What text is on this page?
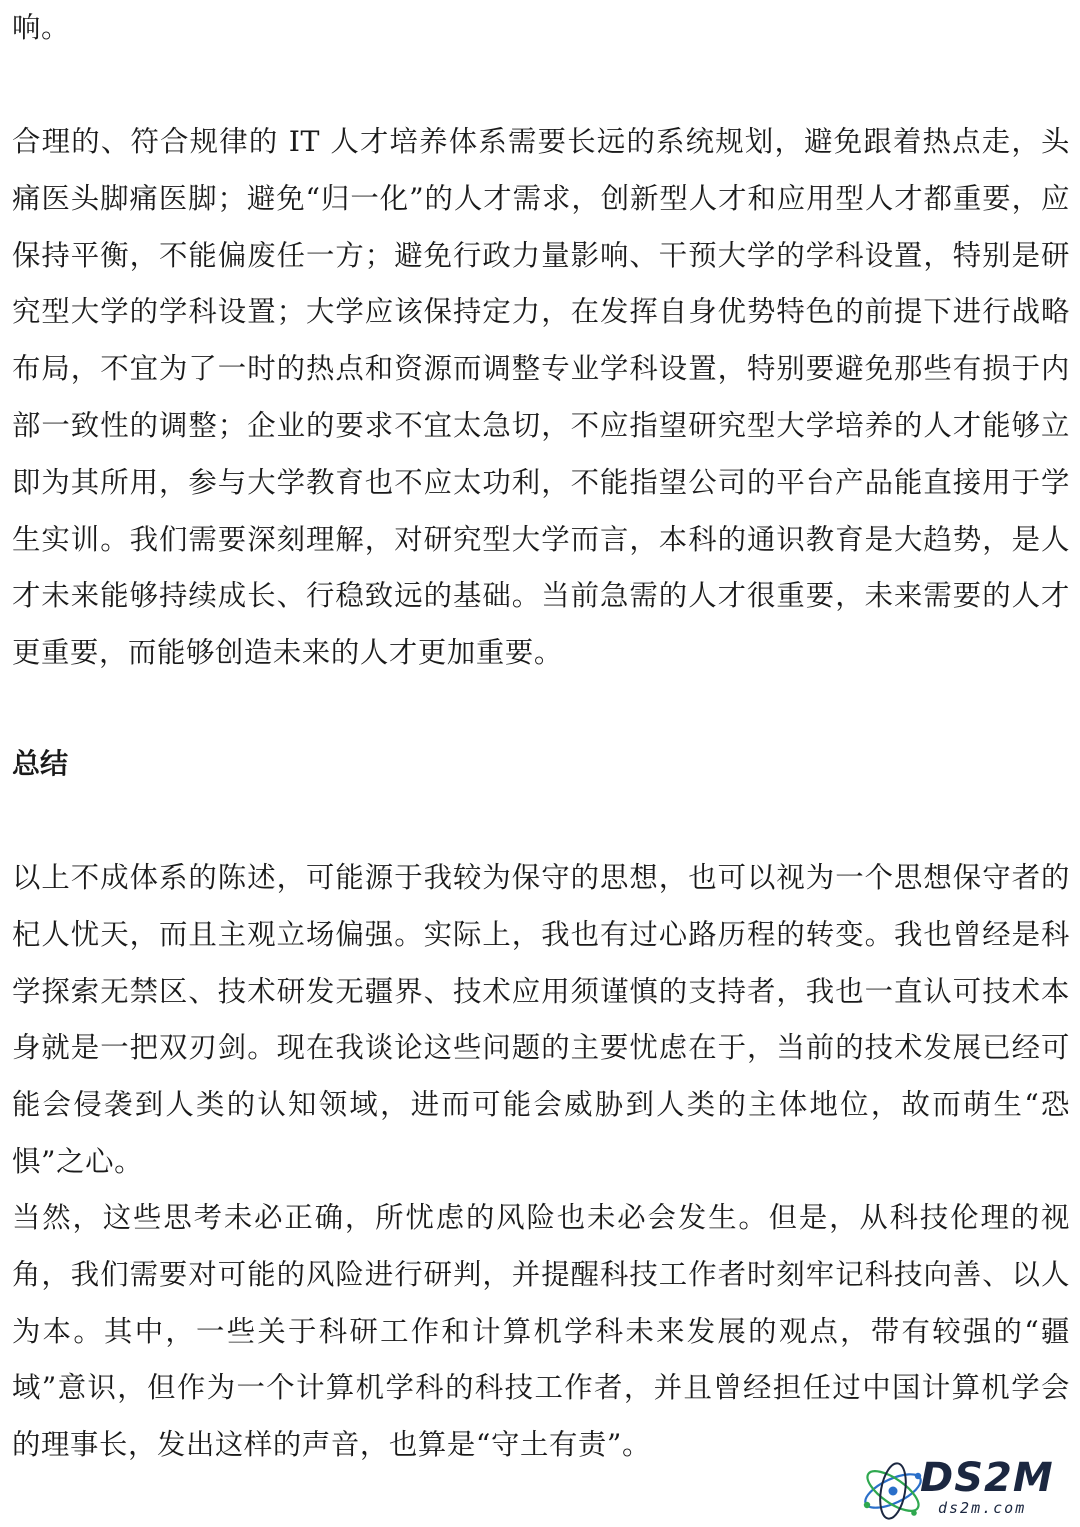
响。

合理的、符合规律的 IT 人才培养体系需要长远的系统规划，避免跟着热点走，头痛医头脚痛医脚；避免“归一化”的人才需求，创新型人才和应用型人才都重要，应保持平衡，不能偏废任一方；避免行政力量影响、干预大学的学科设置，特别是研究型大学的学科设置；大学应该保持定力，在发挥自身优势特色的前提下进行战略布局，不宜为了一时的热点和资源而调整专业学科设置，特别要避免那些有损于内部一致性的调整；企业的要求不宜太急切，不应指望研究型大学培养的人才能够立即为其所用，参与大学教育也不应太功利，不能指望公司的平台产品能直接用于学生实训。我们需要深刻理解，对研究型大学而言，本科的通识教育是大趋势，是人才未来能够持续成长、行稳致远的基础。当前急需的人才很重要，未来需要的人才更重要，而能够创造未来的人才更加重要。

总结

以上不成体系的陈述，可能源于我较为保守的思想，也可以视为一个思想保守者的杞人忧天，而且主观立场偏强。实际上，我也有过心路历程的转变。我也曾经是科学探索无禁区、技术研发无疆界、技术应用须谨慎的支持者，我也一直认可技术本身就是一把双刃剑。现在我谈论这些问题的主要忧虑在于，当前的技术发展已经可能会侵袭到人类的认知领域，进而可能会威胁到人类的主体地位，故而萌生“恐惧”之心。

当然，这些思考未必正确，所忧虑的风险也未必会发生。但是，从科技伦理的视角，我们需要对可能的风险进行研判，并提醒科技工作者时刻牢记科技向善、以人为本。其中，一些关于科研工作和计算机学科未来发展的观点，带有较强的“疆域”意识，但作为一个计算机学科的科技工作者，并且曾经担任过中国计算机学会的理事长，发出这样的声音，也算是“守土有责”。

DS2M
ds2m.com
